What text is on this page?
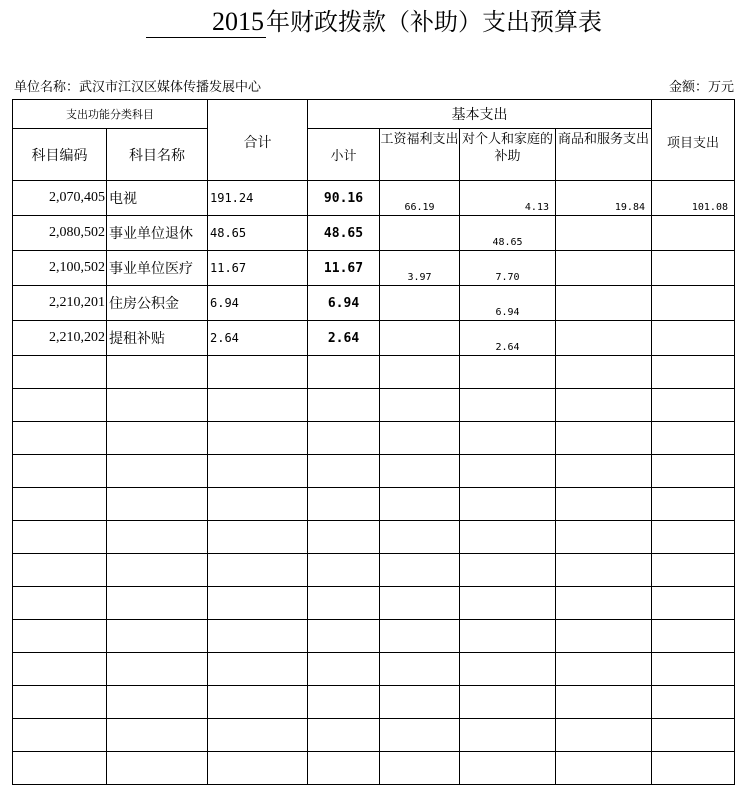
2015年财政拨款（补助）支出预算表
单位名称：武汉市江汉区媒体传播发展中心	金额：万元
支出功能分类科目		合计	基本支出				项目支出
科目编码	科目名称		小计	工资福利支出	对个人和家庭的补助	商品和服务支出	
2,070,405	电视	191.24	90.16	66.19	4.13	19.84	101.08
2,080,502	事业单位退休	48.65	48.65		48.65		
2,100,502	事业单位医疗	11.67	11.67	3.97	7.70		
2,210,201	住房公积金	6.94	6.94		6.94		
2,210,202	提租补贴	2.64	2.64		2.64		
